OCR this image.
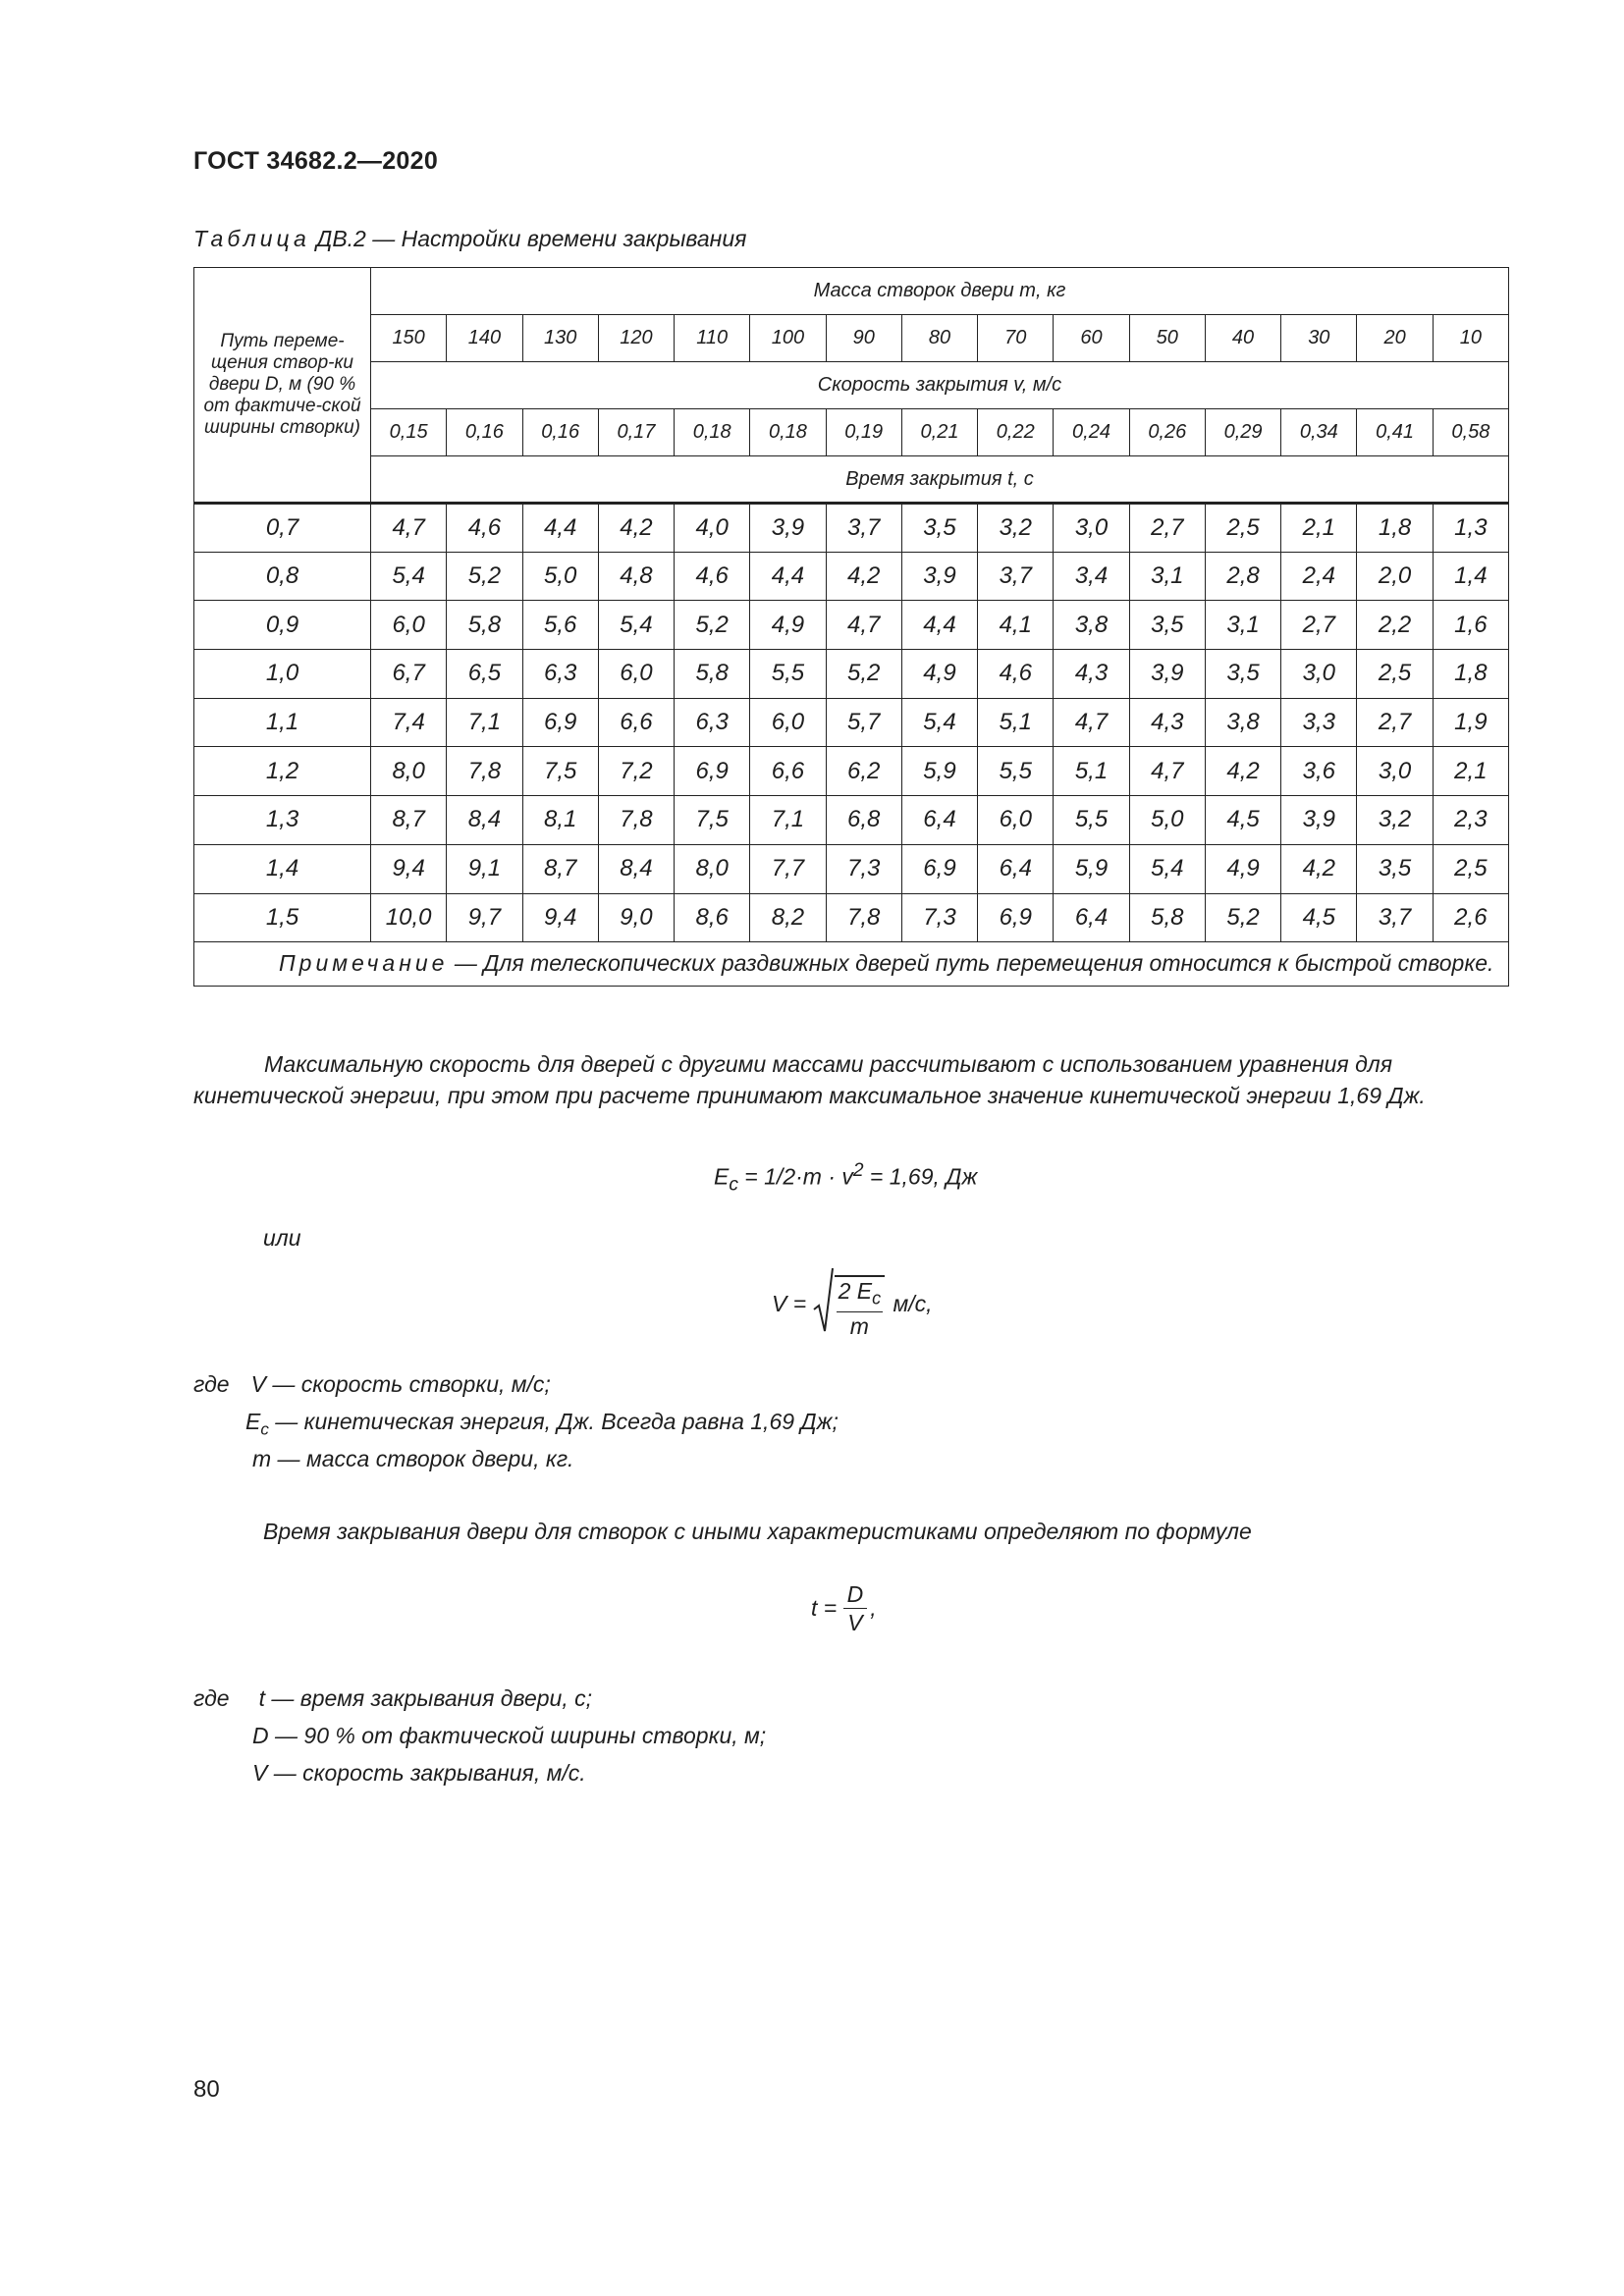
ГОСТ 34682.2—2020
Таблица ДВ.2 — Настройки времени закрывания
Путь переме-щения створ-ки двери D, м (90 % от фактиче-ской ширины створки)	Масса створок двери m, кг														
	150	140	130	120	110	100	90	80	70	60	50	40	30	20	10
	Скорость закрытия v, м/с														
	0,15	0,16	0,16	0,17	0,18	0,18	0,19	0,21	0,22	0,24	0,26	0,29	0,34	0,41	0,58
	Время закрытия t, с														
0,7	4,7	4,6	4,4	4,2	4,0	3,9	3,7	3,5	3,2	3,0	2,7	2,5	2,1	1,8	1,3
0,8	5,4	5,2	5,0	4,8	4,6	4,4	4,2	3,9	3,7	3,4	3,1	2,8	2,4	2,0	1,4
0,9	6,0	5,8	5,6	5,4	5,2	4,9	4,7	4,4	4,1	3,8	3,5	3,1	2,7	2,2	1,6
1,0	6,7	6,5	6,3	6,0	5,8	5,5	5,2	4,9	4,6	4,3	3,9	3,5	3,0	2,5	1,8
1,1	7,4	7,1	6,9	6,6	6,3	6,0	5,7	5,4	5,1	4,7	4,3	3,8	3,3	2,7	1,9
1,2	8,0	7,8	7,5	7,2	6,9	6,6	6,2	5,9	5,5	5,1	4,7	4,2	3,6	3,0	2,1
1,3	8,7	8,4	8,1	7,8	7,5	7,1	6,8	6,4	6,0	5,5	5,0	4,5	3,9	3,2	2,3
1,4	9,4	9,1	8,7	8,4	8,0	7,7	7,3	6,9	6,4	5,9	5,4	4,9	4,2	3,5	2,5
1,5	10,0	9,7	9,4	9,0	8,6	8,2	7,8	7,3	6,9	6,4	5,8	5,2	4,5	3,7	2,6
Примечание — Для телескопических раздвижных дверей путь перемещения относится к быстрой створке.															
Максимальную скорость для дверей с другими массами рассчитывают с использованием уравнения для кинетической энергии, при этом при расчете принимают максимальное значение кинетической энергии 1,69 Дж.
$E_c = 1/2\cdot m \cdot v^2 = 1,69$, Дж
или
V = 2 $E_c$
m
м/с,
где V — скорость створки, м/с;
$E_c$ — кинетическая энергия, Дж. Всегда равна 1,69 Дж;
m — масса створок двери, кг.
Время закрывания двери для створок с иными характеристиками определяют по формуле
$t = \frac{D}{V}$ ,
где t — время закрывания двери, с;
D — 90 % от фактической ширины створки, м;
V — скорость закрывания, м/с.
80
